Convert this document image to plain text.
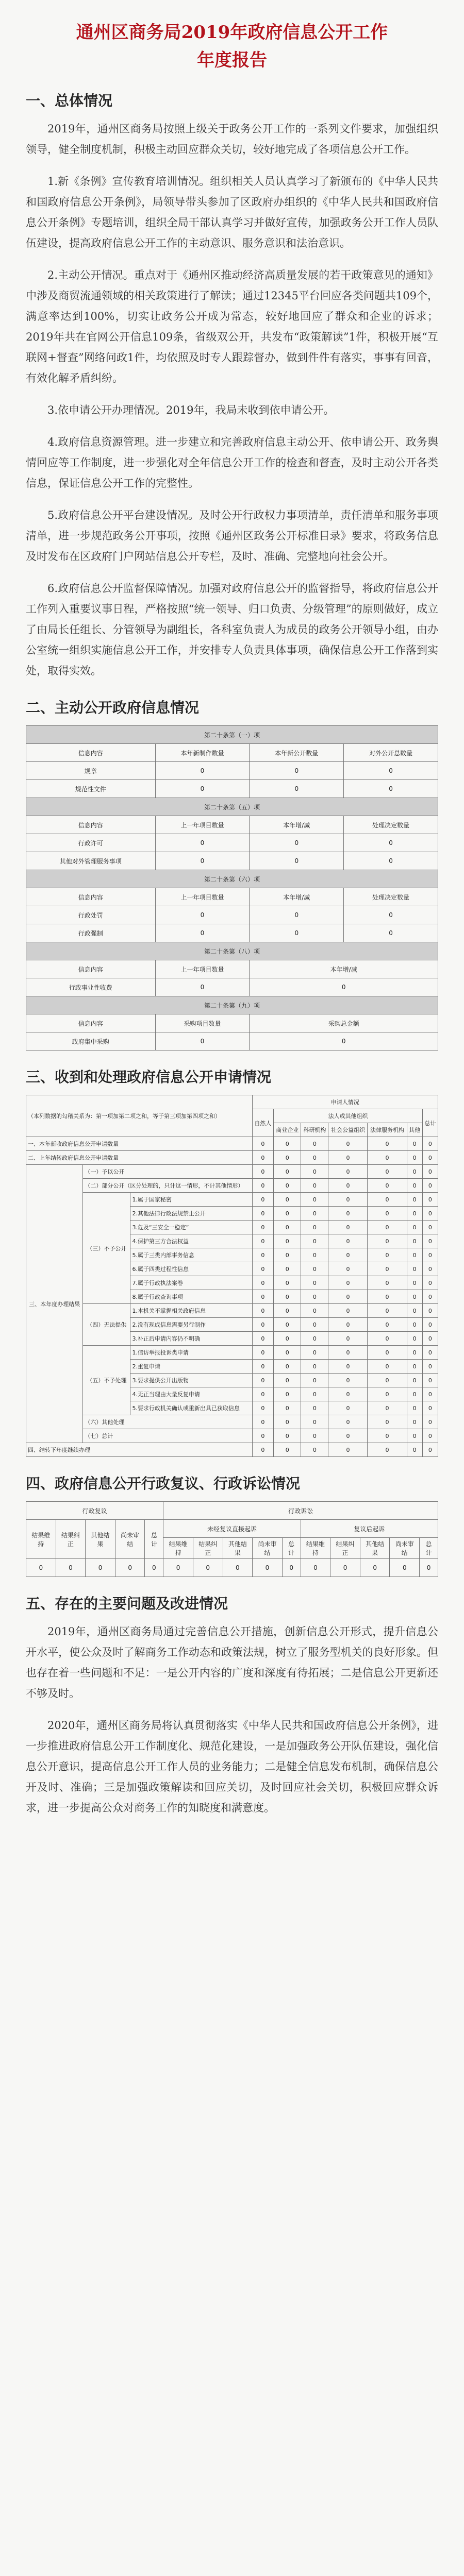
通州区商务局2019年政府信息公开工作
年度报告
一、总体情况
2019年，通州区商务局按照上级关于政务公开工作的一系列文件要求，加强组织领导，健全制度机制，积极主动回应群众关切，较好地完成了各项信息公开工作。
1.新《条例》宣传教育培训情况。组织相关人员认真学习了新颁布的《中华人民共和国政府信息公开条例》，局领导带头参加了区政府办组织的《中华人民共和国政府信息公开条例》专题培训，组织全局干部认真学习并做好宣传，加强政务公开工作人员队伍建设，提高政府信息公开工作的主动意识、服务意识和法治意识。
2.主动公开情况。重点对于《通州区推动经济高质量发展的若干政策意见的通知》中涉及商贸流通领域的相关政策进行了解读；通过12345平台回应各类问题共109个，满意率达到100%，切实让政务公开成为常态，较好地回应了群众和企业的诉求；2019年共在官网公开信息109条，省级双公开，共发布“政策解读”1件，积极开展“互联网+督查”网络问政1件，均依照及时专人跟踪督办，做到件件有落实，事事有回音，有效化解矛盾纠纷。
3.依申请公开办理情况。2019年，我局未收到依申请公开。
4.政府信息资源管理。进一步建立和完善政府信息主动公开、依申请公开、政务舆情回应等工作制度，进一步强化对全年信息公开工作的检查和督查，及时主动公开各类信息，保证信息公开工作的完整性。
5.政府信息公开平台建设情况。及时公开行政权力事项清单，责任清单和服务事项清单，进一步规范政务公开事项，按照《通州区政务公开标准目录》要求，将政务信息及时发布在区政府门户网站信息公开专栏，及时、准确、完整地向社会公开。
6.政府信息公开监督保障情况。加强对政府信息公开的监督指导，将政府信息公开工作列入重要议事日程，严格按照“统一领导、归口负责、分级管理”的原则做好，成立了由局长任组长、分管领导为副组长，各科室负责人为成员的政务公开领导小组，由办公室统一组织实施信息公开工作，并安排专人负责具体事项，确保信息公开工作落到实处，取得实效。
二、主动公开政府信息情况
第二十条第（一）项			
信息内容	本年新制作数量	本年新公开数量	对外公开总数量
规章	0	0	0
规范性文件	0	0	0
第二十条第（五）项			
信息内容	上一年项目数量	本年增/减	处理决定数量
行政许可	0	0	0
其他对外管理服务事项	0	0	0
第二十条第（六）项			
信息内容	上一年项目数量	本年增/减	处理决定数量
行政处罚	0	0	0
行政强制	0	0	0
第二十条第（八）项			
信息内容	上一年项目数量	本年增/减	
行政事业性收费	0	0	
第二十条第（九）项			
信息内容	采购项目数量	采购总金额	
政府集中采购	0	0	
三、收到和处理政府信息公开申请情况
（本列数据的勾稽关系为：第一项加第二项之和，等于第三项加第四项之和）			申请人情况						
			自然人	法人或其他组织					总计
				商业企业	科研机构	社会公益组织	法律服务机构	其他	
一、本年新收政府信息公开申请数量			0	0	0	0	0	0	0
二、上年结转政府信息公开申请数量			0	0	0	0	0	0	0
三、本年度办理结果	（一）予以公开		0	0	0	0	0	0	0
	（二）部分公开（区分处理的，只计这一情形，不计其他情形）		0	0	0	0	0	0	0
	（三）不予公开	1.属于国家秘密	0	0	0	0	0	0	0
		2.其他法律行政法规禁止公开	0	0	0	0	0	0	0
		3.危及“三安全一稳定”	0	0	0	0	0	0	0
		4.保护第三方合法权益	0	0	0	0	0	0	0
		5.属于三类内部事务信息	0	0	0	0	0	0	0
		6.属于四类过程性信息	0	0	0	0	0	0	0
		7.属于行政执法案卷	0	0	0	0	0	0	0
		8.属于行政查询事项	0	0	0	0	0	0	0
	（四）无法提供	1.本机关不掌握相关政府信息	0	0	0	0	0	0	0
		2.没有现成信息需要另行制作	0	0	0	0	0	0	0
		3.补正后申请内容仍不明确	0	0	0	0	0	0	0
	（五）不予处理	1.信访举报投诉类申请	0	0	0	0	0	0	0
		2.重复申请	0	0	0	0	0	0	0
		3.要求提供公开出版物	0	0	0	0	0	0	0
		4.无正当理由大量反复申请	0	0	0	0	0	0	0
		5.要求行政机关确认或重新出具已获取信息	0	0	0	0	0	0	0
	（六）其他处理		0	0	0	0	0	0	0
	（七）总计		0	0	0	0	0	0	0
四、结转下年度继续办理			0	0	0	0	0	0	0
四、政府信息公开行政复议、行政诉讼情况
行政复议					行政诉讼									
结果维持	结果纠正	其他结果	尚未审结	总计	未经复议直接起诉					复议后起诉				
					结果维持	结果纠正	其他结果	尚未审结	总计	结果维持	结果纠正	其他结果	尚未审结	总计
0	0	0	0	0	0	0	0	0	0	0	0	0	0	0
五、存在的主要问题及改进情况
2019年，通州区商务局通过完善信息公开措施，创新信息公开形式，提升信息公开水平，使公众及时了解商务工作动态和政策法规，树立了服务型机关的良好形象。但也存在着一些问题和不足：一是公开内容的广度和深度有待拓展；二是信息公开更新还不够及时。
2020年，通州区商务局将认真贯彻落实《中华人民共和国政府信息公开条例》，进一步推进政府信息公开工作制度化、规范化建设，一是加强政务公开队伍建设，强化信息公开意识，提高信息公开工作人员的业务能力；二是健全信息发布机制，确保信息公开及时、准确；三是加强政策解读和回应关切，及时回应社会关切，积极回应群众诉求，进一步提高公众对商务工作的知晓度和满意度。
